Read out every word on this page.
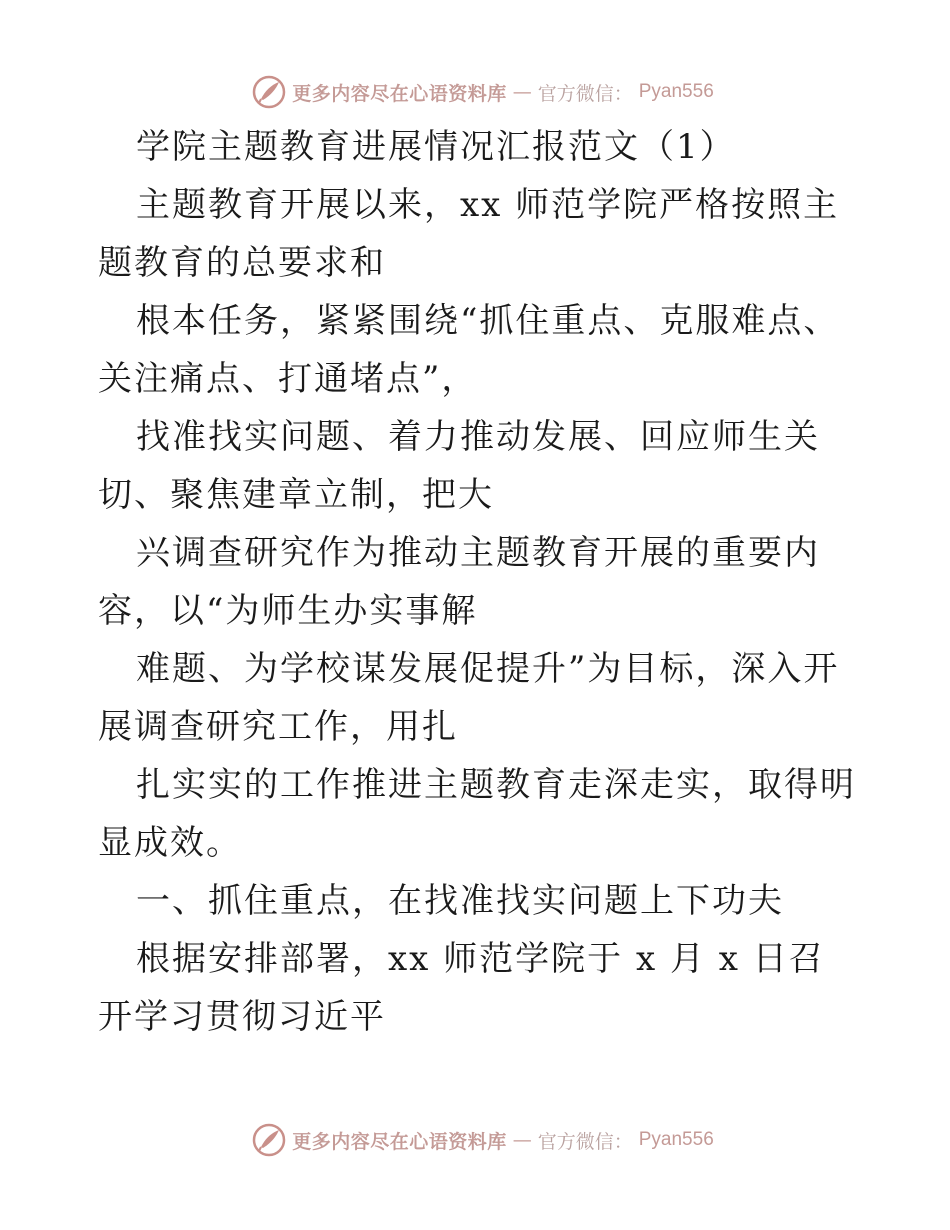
更多内容尽在心语资料库 — 官方微信： Pyan556

学院主题教育进展情况汇报范文（1）

主题教育开展以来，xx 师范学院严格按照主题教育的总要求和

根本任务，紧紧围绕“抓住重点、克服难点、关注痛点、打通堵点”，

找准找实问题、着力推动发展、回应师生关切、聚焦建章立制，把大

兴调查研究作为推动主题教育开展的重要内容，以“为师生办实事解

难题、为学校谋发展促提升”为目标，深入开展调查研究工作，用扎

扎实实的工作推进主题教育走深走实，取得明显成效。

一、抓住重点，在找准找实问题上下功夫

根据安排部署，xx 师范学院于 x 月 x 日召开学习贯彻习近平

更多内容尽在心语资料库 — 官方微信： Pyan556
